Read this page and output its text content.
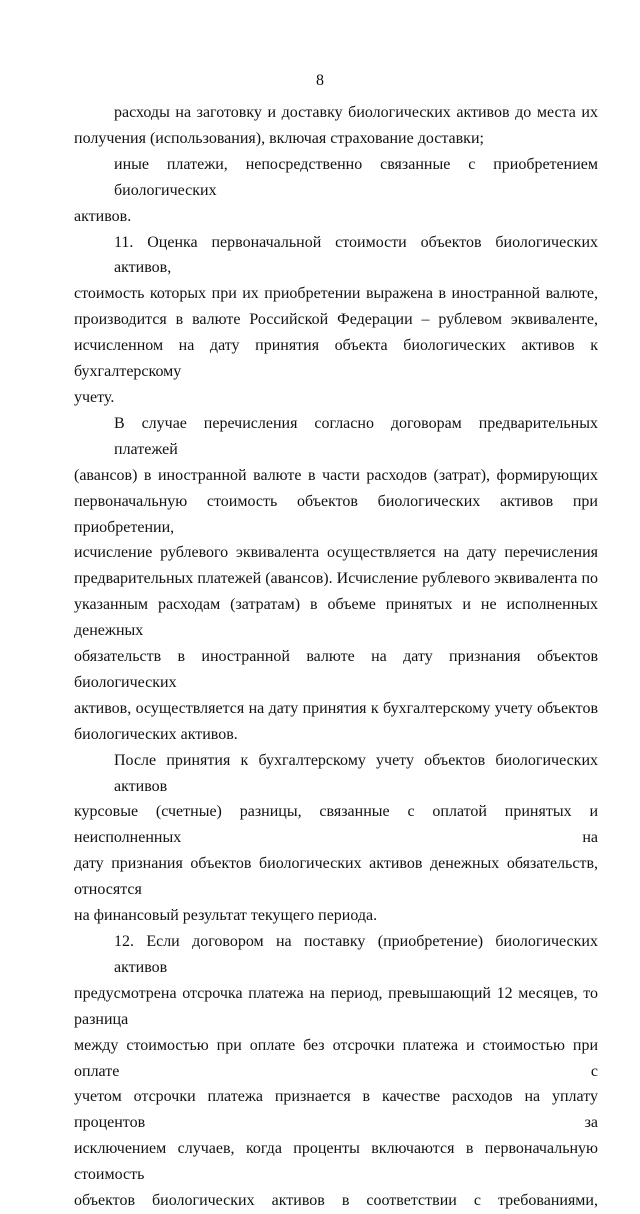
8
расходы на заготовку и доставку биологических активов до места их
получения (использования), включая страхование доставки;
иные платежи, непосредственно связанные с приобретением биологических
активов.
11. Оценка первоначальной стоимости объектов биологических активов,
стоимость которых при их приобретении выражена в иностранной валюте,
производится в валюте Российской Федерации – рублевом эквиваленте,
исчисленном на дату принятия объекта биологических активов к бухгалтерскому
учету.
В случае перечисления согласно договорам предварительных платежей
(авансов) в иностранной валюте в части расходов (затрат), формирующих
первоначальную стоимость объектов биологических активов при приобретении,
исчисление рублевого эквивалента осуществляется на дату перечисления
предварительных платежей (авансов). Исчисление рублевого эквивалента по
указанным расходам (затратам) в объеме принятых и не исполненных денежных
обязательств в иностранной валюте на дату признания объектов биологических
активов, осуществляется на дату принятия к бухгалтерскому учету объектов
биологических активов.
После принятия к бухгалтерскому учету объектов биологических активов
курсовые (счетные) разницы, связанные с оплатой принятых и неисполненных на
дату признания объектов биологических активов денежных обязательств, относятся
на финансовый результат текущего периода.
12. Если договором на поставку (приобретение) биологических активов
предусмотрена отсрочка платежа на период, превышающий 12 месяцев, то разница
между стоимостью при оплате без отсрочки платежа и стоимостью при оплате с
учетом отсрочки платежа признается в качестве расходов на уплату процентов за
исключением случаев, когда проценты включаются в первоначальную стоимость
объектов биологических активов в соответствии с требованиями,
